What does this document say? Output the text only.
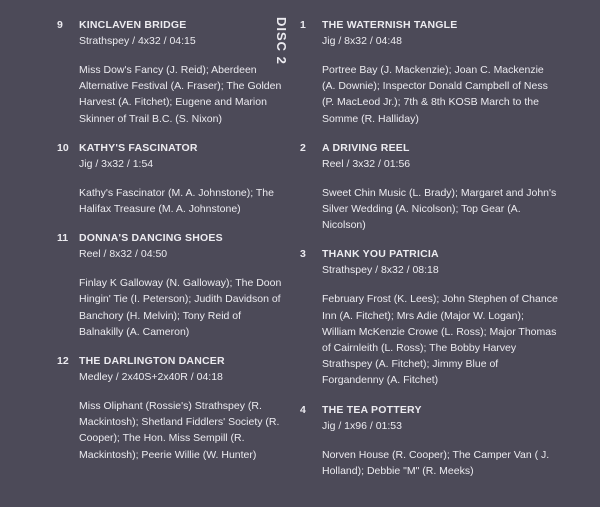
9 KINCLAVEN BRIDGE
Strathspey / 4x32 / 04:15
Miss Dow's Fancy (J. Reid); Aberdeen Alternative Festival (A. Fraser); The Golden Harvest (A. Fitchet); Eugene and Marion Skinner of Trail B.C. (S. Nixon)
10 KATHY'S FASCINATOR
Jig / 3x32 / 1:54
Kathy's Fascinator (M. A. Johnstone); The Halifax Treasure (M. A. Johnstone)
11 DONNA'S DANCING SHOES
Reel / 8x32 / 04:50
Finlay K Galloway (N. Galloway); The Doon Hingin' Tie (I. Peterson); Judith Davidson of Banchory (H. Melvin); Tony Reid of Balnakilly (A. Cameron)
12 THE DARLINGTON DANCER
Medley / 2x40S+2x40R / 04:18
Miss Oliphant (Rossie's) Strathspey (R. Mackintosh); Shetland Fiddlers' Society (R. Cooper); The Hon. Miss Sempill (R. Mackintosh); Peerie Willie (W. Hunter)
DISC 2 1 THE WATERNISH TANGLE
Jig / 8x32 / 04:48
Portree Bay (J. Mackenzie); Joan C. Mackenzie (A. Downie); Inspector Donald Campbell of Ness (P. MacLeod Jr.); 7th & 8th KOSB March to the Somme (R. Halliday)
2 A DRIVING REEL
Reel / 3x32 / 01:56
Sweet Chin Music (L. Brady); Margaret and John's Silver Wedding (A. Nicolson); Top Gear (A. Nicolson)
3 THANK YOU PATRICIA
Strathspey / 8x32 / 08:18
February Frost (K. Lees); John Stephen of Chance Inn (A. Fitchet); Mrs Adie (Major W. Logan); William McKenzie Crowe (L. Ross); Major Thomas of Cairnleith (L. Ross); The Bobby Harvey Strathspey (A. Fitchet); Jimmy Blue of Forgandenny (A. Fitchet)
4 THE TEA POTTERY
Jig / 1x96 / 01:53
Norven House (R. Cooper); The Camper Van ( J. Holland); Debbie "M" (R. Meeks)
